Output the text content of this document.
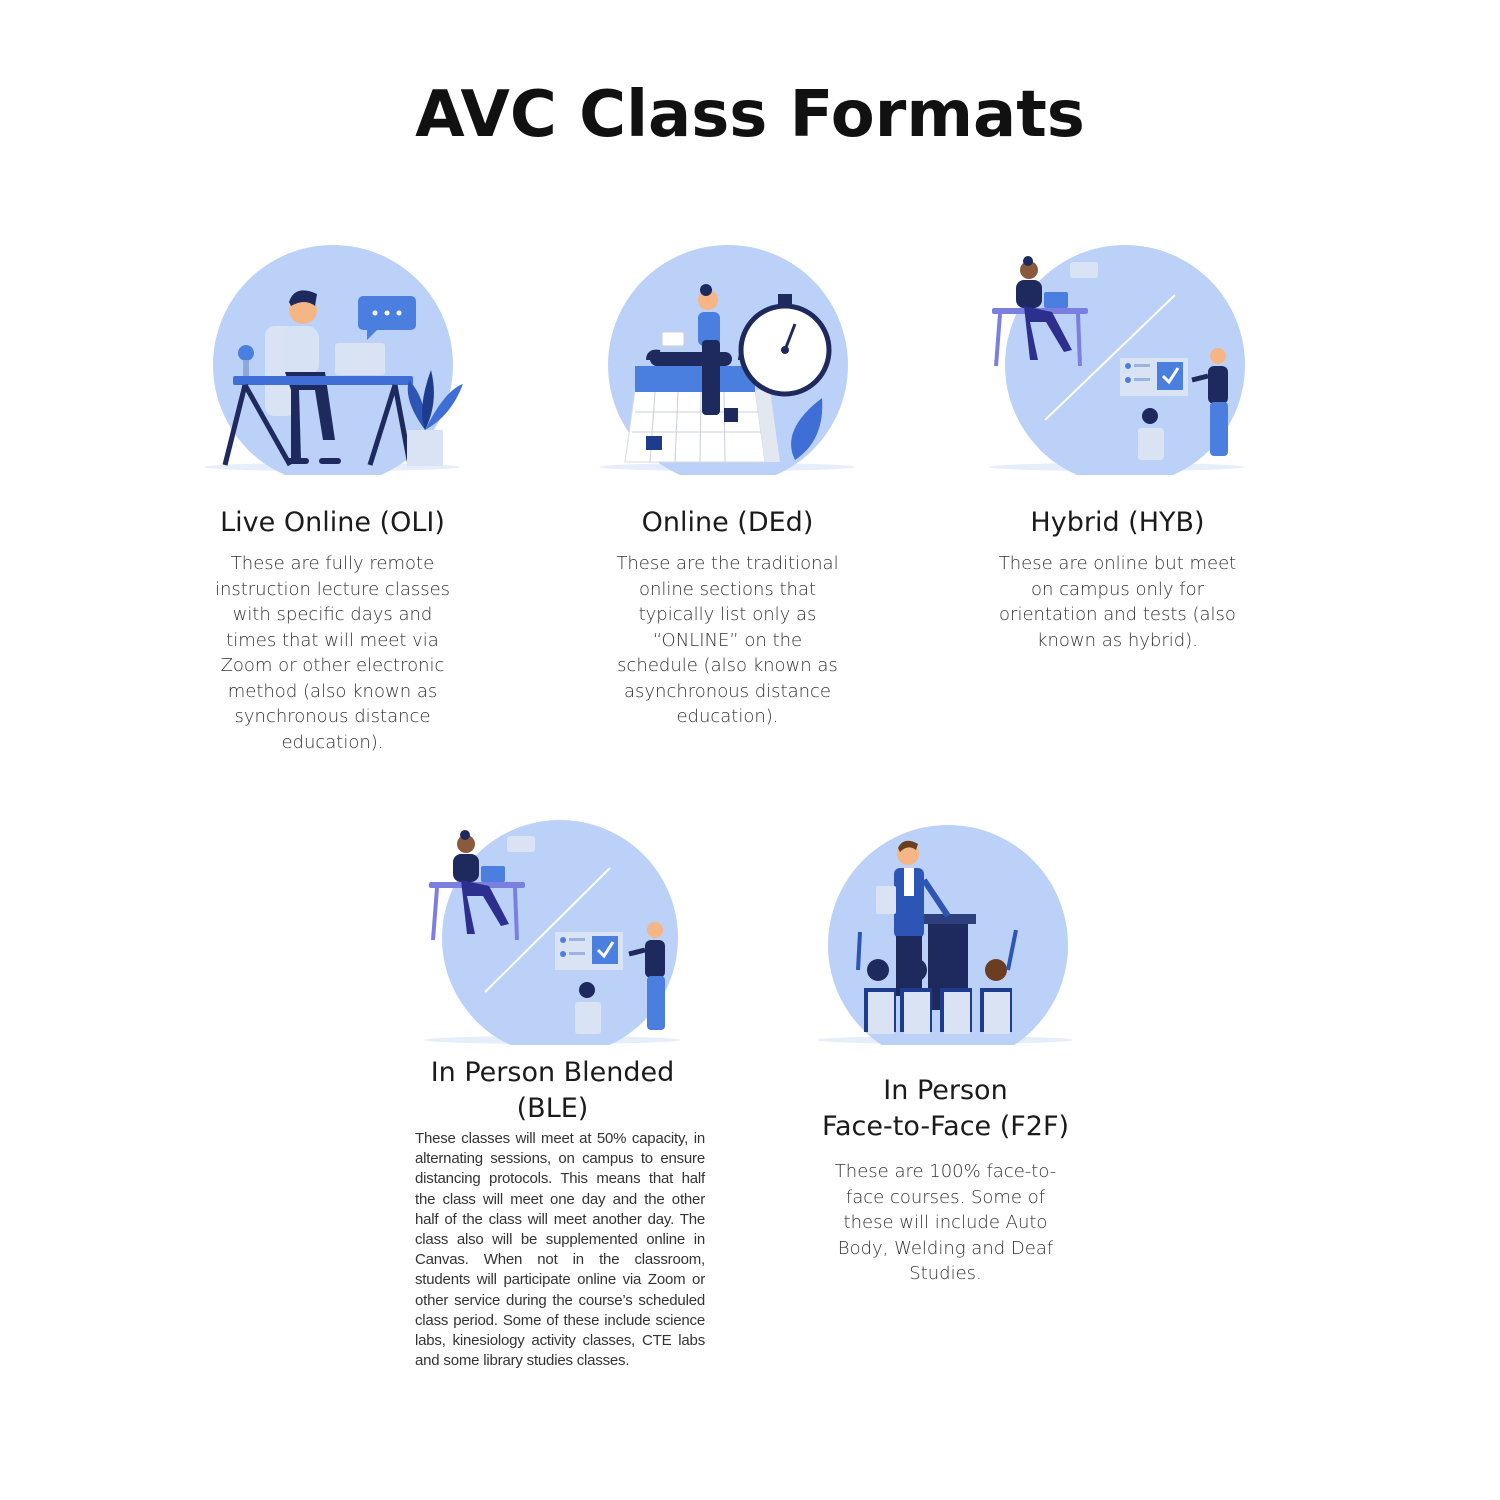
AVC Class Formats
Live Online (OLI)
These are fully remote instruction lecture classes with specific days and times that will meet via Zoom or other electronic method (also known as synchronous distance education).
Online (DEd)
These are the traditional online sections that typically list only as “ONLINE” on the schedule (also known as asynchronous distance education).
Hybrid (HYB)
These are online but meet on campus only for orientation and tests (also known as hybrid).
In Person Blended (BLE)
These classes will meet at 50% capacity, in alternating sessions, on campus to ensure distancing protocols. This means that half the class will meet one day and the other half of the class will meet another day. The class also will be supplemented online in Canvas. When not in the classroom, students will participate online via Zoom or other service during the course’s scheduled class period. Some of these include science labs, kinesiology activity classes, CTE labs and some library studies classes.
In Person
Face-to-Face (F2F)
These are 100% face-to-face courses. Some of these will include Auto Body, Welding and Deaf Studies.
